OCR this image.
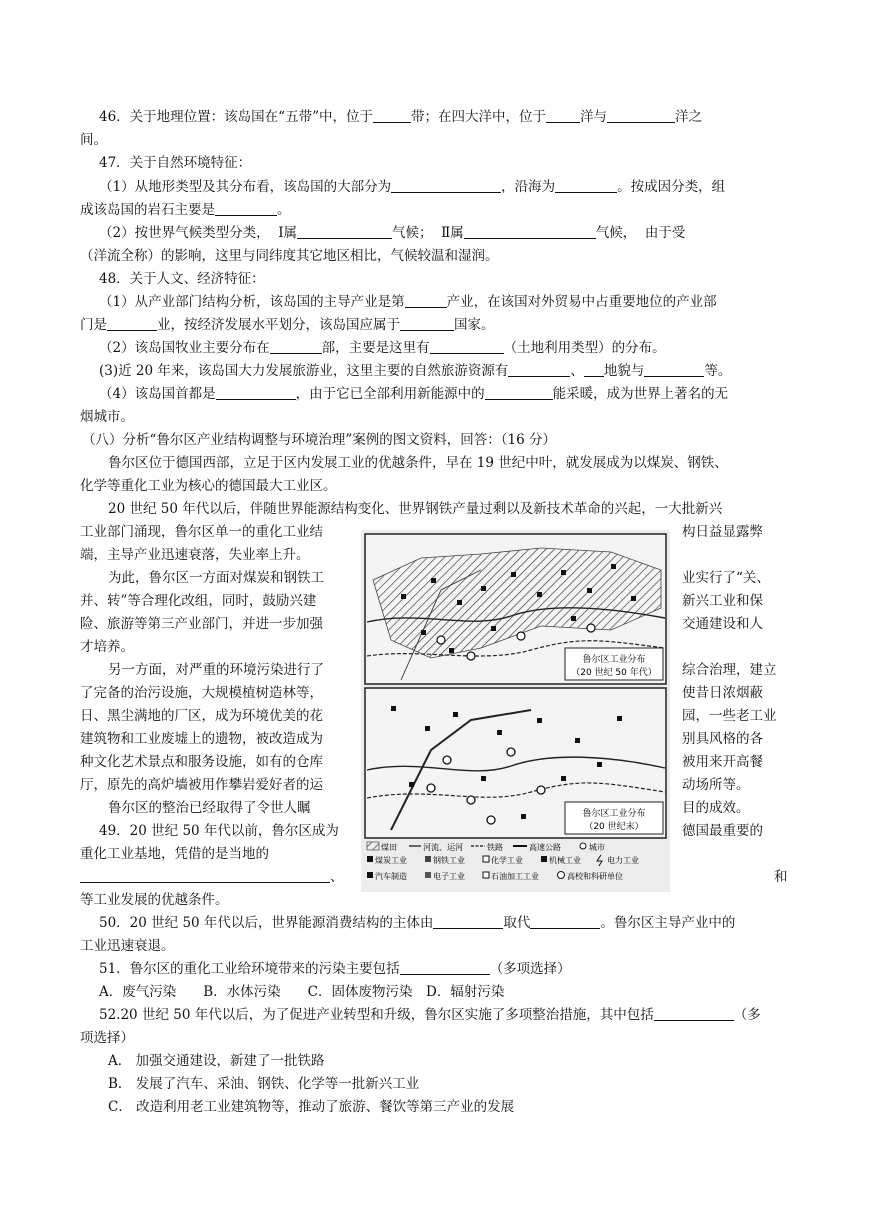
46．关于地理位置：该岛国在“五带”中，位于	带；在四大洋中，位于	洋与	洋之
间。
47．关于自然环境特征：
（1）从地形类型及其分布看，该岛国的大部分为	，沿海为	。按成因分类，组
成该岛国的岩石主要是	。
（2）按世界气候类型分类， Ⅰ属	气候； Ⅱ属	气候， 由于受
（洋流全称）的影响，这里与同纬度其它地区相比，气候较温和湿润。
48．关于人文、经济特征：
（1）从产业部门结构分析，该岛国的主导产业是第	产业，在该国对外贸易中占重要地位的产业部
门是	业，按经济发展水平划分，该岛国应属于	国家。
（2）该岛国牧业主要分布在	部，主要是这里有	（土地利用类型）的分布。
(3)近 20 年来，该岛国大力发展旅游业，这里主要的自然旅游资源有	、 地貌与	等。
（4）该岛国首都是	，由于它已全部利用新能源中的	能采暖，成为世界上著名的无
烟城市。
（八）分析“鲁尔区产业结构调整与环境治理”案例的图文资料，回答：（16 分）
鲁尔区位于德国西部，立足于区内发展工业的优越条件，早在 19 世纪中叶，就发展成为以煤炭、钢铁、
化学等重化工业为核心的德国最大工业区。
20 世纪 50 年代以后，伴随世界能源结构变化、世界钢铁产量过剩以及新技术革命的兴起，一大批新兴
工业部门涌现，鲁尔区单一的重化工业结	构日益显露弊
端，主导产业迅速衰落，失业率上升。
为此，鲁尔区一方面对煤炭和钢铁工	业实行了“关、
并、转”等合理化改组，同时，鼓励兴建	新兴工业和保
险、旅游等第三产业部门，并进一步加强	交通建设和人
才培养。
另一方面，对严重的环境污染进行了	综合治理，建立
了完备的治污设施，大规模植树造林等，	使昔日浓烟蔽
日、黑尘满地的厂区，成为环境优美的花	园，一些老工业
建筑物和工业废墟上的遗物，被改造成为	别具风格的各
种文化艺术景点和服务设施，如有的仓库	被用来开高餐
厅，原先的高炉墙被用作攀岩爱好者的运	动场所等。
鲁尔区的整治已经取得了令世人瞩	目的成效。
49．20 世纪 50 年代以前，鲁尔区成为	德国最重要的
重化工业基地，凭借的是当地的
、	和
等工业发展的优越条件。
50．20 世纪 50 年代以后，世界能源消费结构的主体由	取代	。鲁尔区主导产业中的
工业迅速衰退。
51．鲁尔区的重化工业给环境带来的污染主要包括	（多项选择）
A．废气污染　　B．水体污染　　C．固体废物污染　D．辐射污染
52.20 世纪 50 年代以后，为了促进产业转型和升级，鲁尔区实施了多项整治措施，其中包括	（多
项选择）
A． 加强交通建设，新建了一批铁路
B． 发展了汽车、采油、钢铁、化学等一批新兴工业
C． 改造利用老工业建筑物等，推动了旅游、餐饮等第三产业的发展
鲁尔区工业分布
（20 世纪 50 年代）
鲁尔区工业分布
（20 世纪末）
煤田	河流、运河	铁路	高速公路	城市
煤炭工业	钢铁工业	化学工业	机械工业	电力工业
汽车制造	电子工业	石油加工工业	高校和科研单位
